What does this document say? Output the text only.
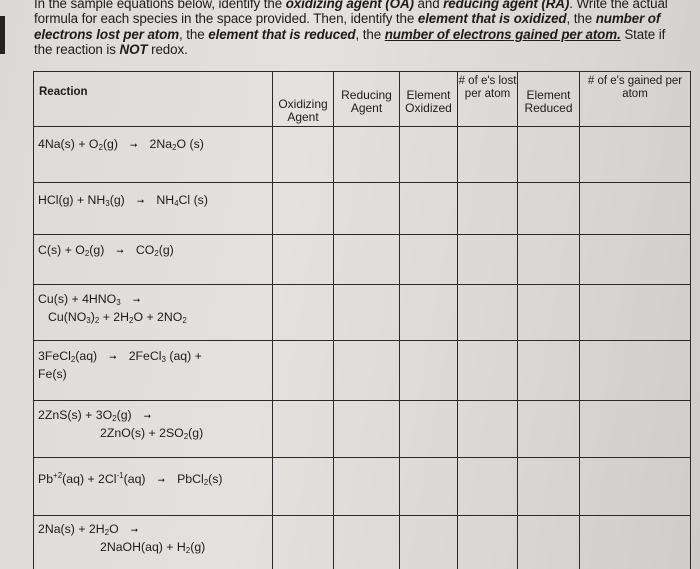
In the sample equations below, identify the oxidizing agent (OA) and reducing agent (RA). Write the actual formula for each species in the space provided. Then, identify the element that is oxidized, the number of electrons lost per atom, the element that is reduced, the number of electrons gained per atom. State if the reaction is NOT redox.
Reaction	Oxidizing Agent	Reducing Agent	Element Oxidized	# of e's lost per atom	Element Reduced	# of e's gained per atom

$4Na(s) + O_2(g)$ ➞ $2Na_2O$ (s)						

$HCl(g) + NH_3(g)$ ➞ $NH_4Cl$ (s)						

$C(s) + O_2(g)$ ➞ $CO_2(g)$						

$Cu(s) + 4HNO_3$ ➞
$Cu(NO_3)_2 + 2H_2O + 2NO_2$

3FeCl$_2$(aq) ➞ 2FeCl$_3$ (aq) +
Fe(s)						

$2ZnS(s) + 3O_2(g)$ ➞
$2ZnO(s) + 2SO_2(g)$						

$Pb^{+2}(aq) + 2Cl^{-1}(aq)$ ➞ PbCl$_2$(s)						

$2Na(s) + 2H_2O$ ➞
2NaOH(aq) + $H_2(g)$						
